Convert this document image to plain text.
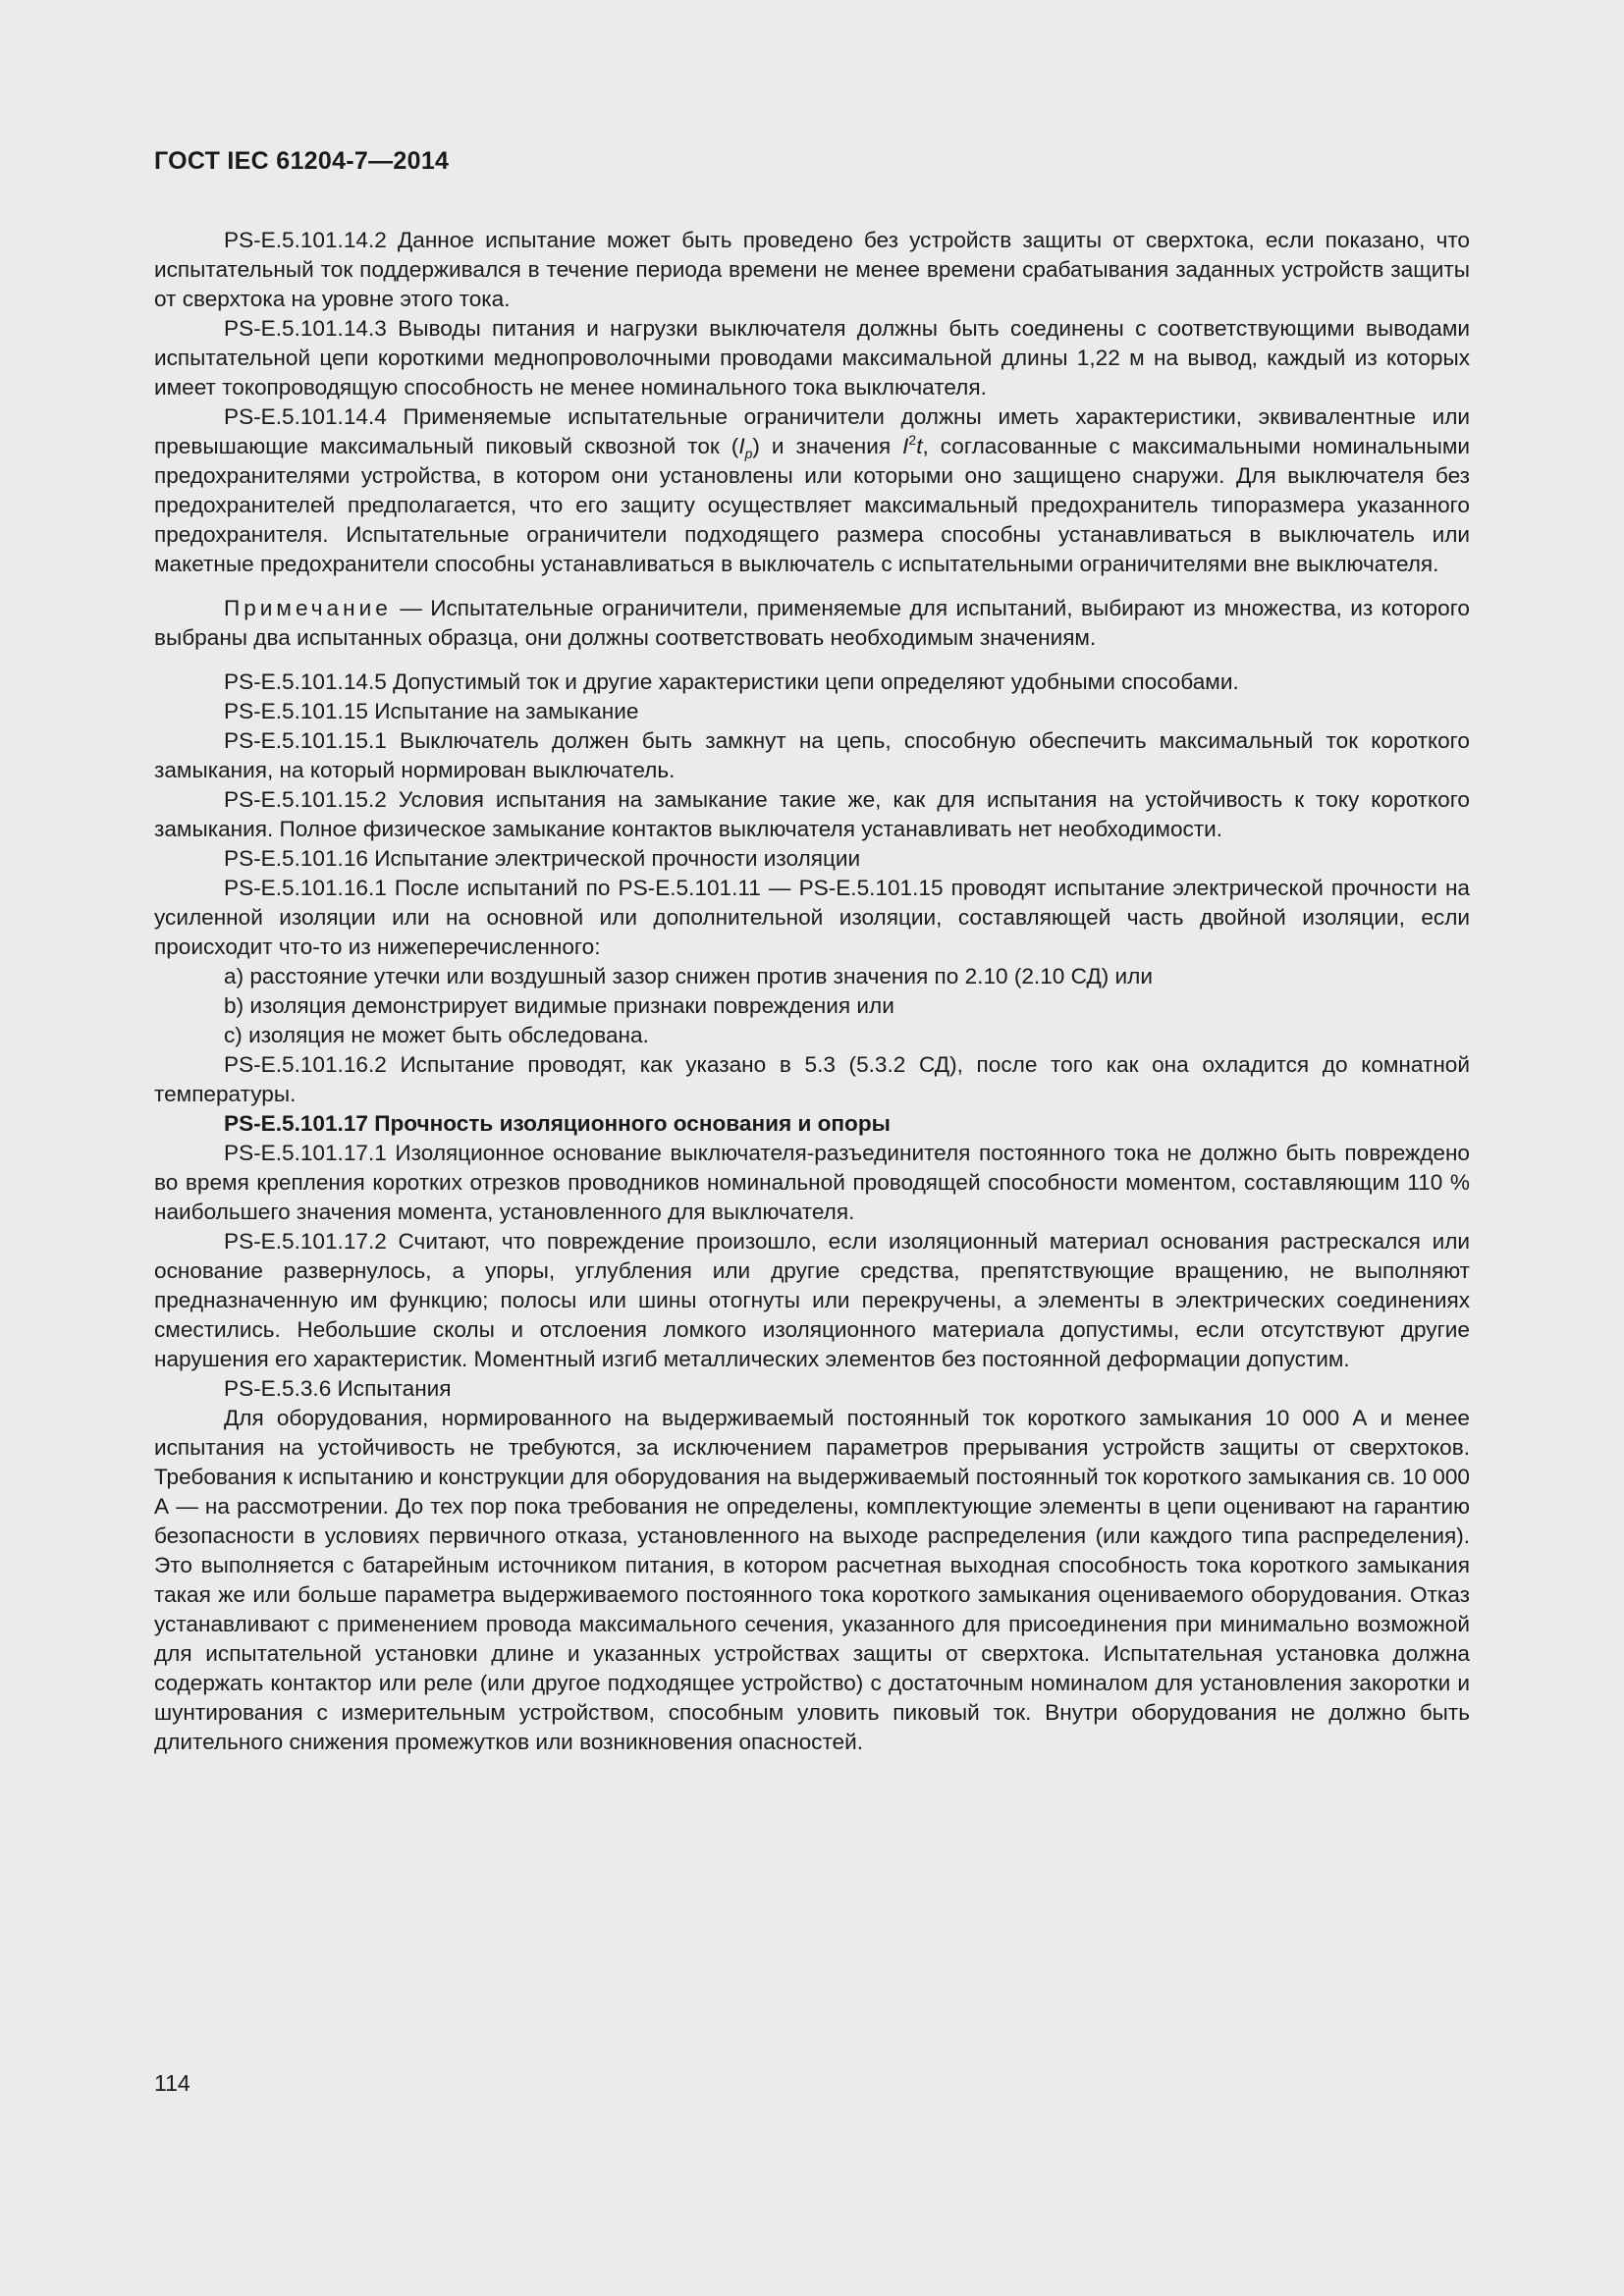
ГОСТ IEC 61204-7—2014

PS-E.5.101.14.2 Данное испытание может быть проведено без устройств защиты от сверхтока, если показано, что испытательный ток поддерживался в течение периода времени не менее времени срабатывания заданных устройств защиты от сверхтока на уровне этого тока.

PS-E.5.101.14.3 Выводы питания и нагрузки выключателя должны быть соединены с соответствующими выводами испытательной цепи короткими меднопроволочными проводами максимальной длины 1,22 м на вывод, каждый из которых имеет токопроводящую способность не менее номинального тока выключателя.

PS-E.5.101.14.4 Применяемые испытательные ограничители должны иметь характеристики, эквивалентные или превышающие максимальный пиковый сквозной ток $(I_p)$ и значения $I^2t$, согласованные с максимальными номинальными предохранителями устройства, в котором они установлены или которыми оно защищено снаружи. Для выключателя без предохранителей предполагается, что его защиту осуществляет максимальный предохранитель типоразмера указанного предохранителя. Испытательные ограничители подходящего размера способны устанавливаться в выключатель или макетные предохранители способны устанавливаться в выключатель с испытательными ограничителями вне выключателя.

Примечание — Испытательные ограничители, применяемые для испытаний, выбирают из множества, из которого выбраны два испытанных образца, они должны соответствовать необходимым значениям.

PS-E.5.101.14.5 Допустимый ток и другие характеристики цепи определяют удобными способами.

PS-E.5.101.15 Испытание на замыкание

PS-E.5.101.15.1 Выключатель должен быть замкнут на цепь, способную обеспечить максимальный ток короткого замыкания, на который нормирован выключатель.

PS-E.5.101.15.2 Условия испытания на замыкание такие же, как для испытания на устойчивость к току короткого замыкания. Полное физическое замыкание контактов выключателя устанавливать нет необходимости.

PS-E.5.101.16 Испытание электрической прочности изоляции

PS-E.5.101.16.1 После испытаний по PS-E.5.101.11 — PS-E.5.101.15 проводят испытание электрической прочности на усиленной изоляции или на основной или дополнительной изоляции, составляющей часть двойной изоляции, если происходит что-то из нижеперечисленного:

a) расстояние утечки или воздушный зазор снижен против значения по 2.10 (2.10 СД) или

b) изоляция демонстрирует видимые признаки повреждения или

c) изоляция не может быть обследована.

PS-E.5.101.16.2 Испытание проводят, как указано в 5.3 (5.3.2 СД), после того как она охладится до комнатной температуры.

PS-E.5.101.17 Прочность изоляционного основания и опоры

PS-E.5.101.17.1 Изоляционное основание выключателя-разъединителя постоянного тока не должно быть повреждено во время крепления коротких отрезков проводников номинальной проводящей способности моментом, составляющим 110 % наибольшего значения момента, установленного для выключателя.

PS-E.5.101.17.2 Считают, что повреждение произошло, если изоляционный материал основания растрескался или основание развернулось, а упоры, углубления или другие средства, препятствующие вращению, не выполняют предназначенную им функцию; полосы или шины отогнуты или перекручены, а элементы в электрических соединениях сместились. Небольшие сколы и отслоения ломкого изоляционного материала допустимы, если отсутствуют другие нарушения его характеристик. Моментный изгиб металлических элементов без постоянной деформации допустим.

PS-E.5.3.6 Испытания

Для оборудования, нормированного на выдерживаемый постоянный ток короткого замыкания 10 000 А и менее испытания на устойчивость не требуются, за исключением параметров прерывания устройств защиты от сверхтоков. Требования к испытанию и конструкции для оборудования на выдерживаемый постоянный ток короткого замыкания св. 10 000 А — на рассмотрении. До тех пор пока требования не определены, комплектующие элементы в цепи оценивают на гарантию безопасности в условиях первичного отказа, установленного на выходе распределения (или каждого типа распределения). Это выполняется с батарейным источником питания, в котором расчетная выходная способность тока короткого замыкания такая же или больше параметра выдерживаемого постоянного тока короткого замыкания оцениваемого оборудования. Отказ устанавливают с применением провода максимального сечения, указанного для присоединения при минимально возможной для испытательной установки длине и указанных устройствах защиты от сверхтока. Испытательная установка должна содержать контактор или реле (или другое подходящее устройство) с достаточным номиналом для установления закоротки и шунтирования с измерительным устройством, способным уловить пиковый ток. Внутри оборудования не должно быть длительного снижения промежутков или возникновения опасностей.

114
